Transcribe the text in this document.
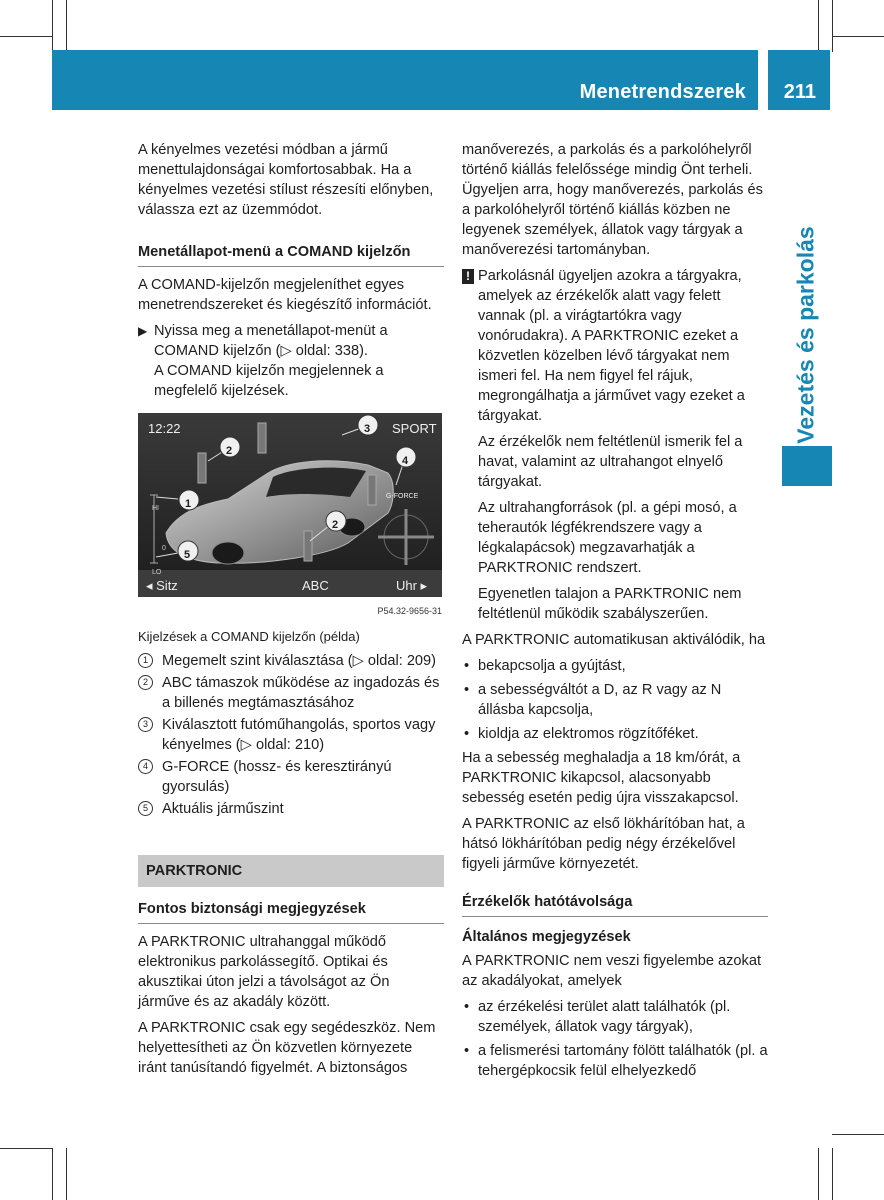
Menetrendszerek 211
Vezetés és parkolás

A kényelmes vezetési módban a jármű menettulajdonságai komfortosabbak. Ha a kényelmes vezetési stílust részesíti előnyben, válassza ezt az üzemmódot.

Menetállapot-menü a COMAND kijelzőn

A COMAND-kijelzőn megjeleníthet egyes menetrendszereket és kiegészítő információt.

▶ Nyissa meg a menetállapot-menüt a COMAND kijelzőn (▷ oldal: 338).
A COMAND kijelzőn megjelennek a megfelelő kijelzések.
12:22	SPORT
G-FORCE
HI
0
LO
1
2
2
3
4
5
◂ Sitz	ABC	Uhr ▸
P54.32-9656-31
Kijelzések a COMAND kijelzőn (példa)
1 Megemelt szint kiválasztása (▷ oldal: 209)
2 ABC támaszok működése az ingadozás és a billenés megtámasztásához
3 Kiválasztott futóműhangolás, sportos vagy kényelmes (▷ oldal: 210)
4 G-FORCE (hossz- és keresztirányú gyorsulás)
5 Aktuális járműszint
PARKTRONIC
Fontos biztonsági megjegyzések

A PARKTRONIC ultrahanggal működő elektronikus parkolássegítő. Optikai és akusztikai úton jelzi a távolságot az Ön járműve és az akadály között.

A PARKTRONIC csak egy segédeszköz. Nem helyettesítheti az Ön közvetlen környezete iránt tanúsítandó figyelmét. A biztonságos

manőverezés, a parkolás és a parkolóhelyről történő kiállás felelőssége mindig Önt terheli. Ügyeljen arra, hogy manőverezés, parkolás és a parkolóhelyről történő kiállás közben ne legyenek személyek, állatok vagy tárgyak a manőverezési tartományban.

! Parkolásnál ügyeljen azokra a tárgyakra, amelyek az érzékelők alatt vagy felett vannak (pl. a virágtartókra vagy vonórudakra). A PARKTRONIC ezeket a közvetlen közelben lévő tárgyakat nem ismeri fel. Ha nem figyel fel rájuk, megrongálhatja a járművet vagy ezeket a tárgyakat.

Az érzékelők nem feltétlenül ismerik fel a havat, valamint az ultrahangot elnyelő tárgyakat.

Az ultrahangforrások (pl. a gépi mosó, a teherautók légfékrendszere vagy a légkalapácsok) megzavarhatják a PARKTRONIC rendszert.

Egyenetlen talajon a PARKTRONIC nem feltétlenül működik szabályszerűen.

A PARKTRONIC automatikusan aktiválódik, ha

• bekapcsolja a gyújtást,
• a sebességváltót a D, az R vagy az N állásba kapcsolja,
• kioldja az elektromos rögzítőféket.

Ha a sebesség meghaladja a 18 km/órát, a PARKTRONIC kikapcsol, alacsonyabb sebesség esetén pedig újra visszakapcsol.

A PARKTRONIC az első lökhárítóban hat, a hátsó lökhárítóban pedig négy érzékelővel figyeli járműve környezetét.

Érzékelők hatótávolsága
Általános megjegyzések

A PARKTRONIC nem veszi figyelembe azokat az akadályokat, amelyek

• az érzékelési terület alatt találhatók (pl. személyek, állatok vagy tárgyak),
• a felismerési tartomány fölött találhatók (pl. a tehergépkocsik felül elhelyezkedő
